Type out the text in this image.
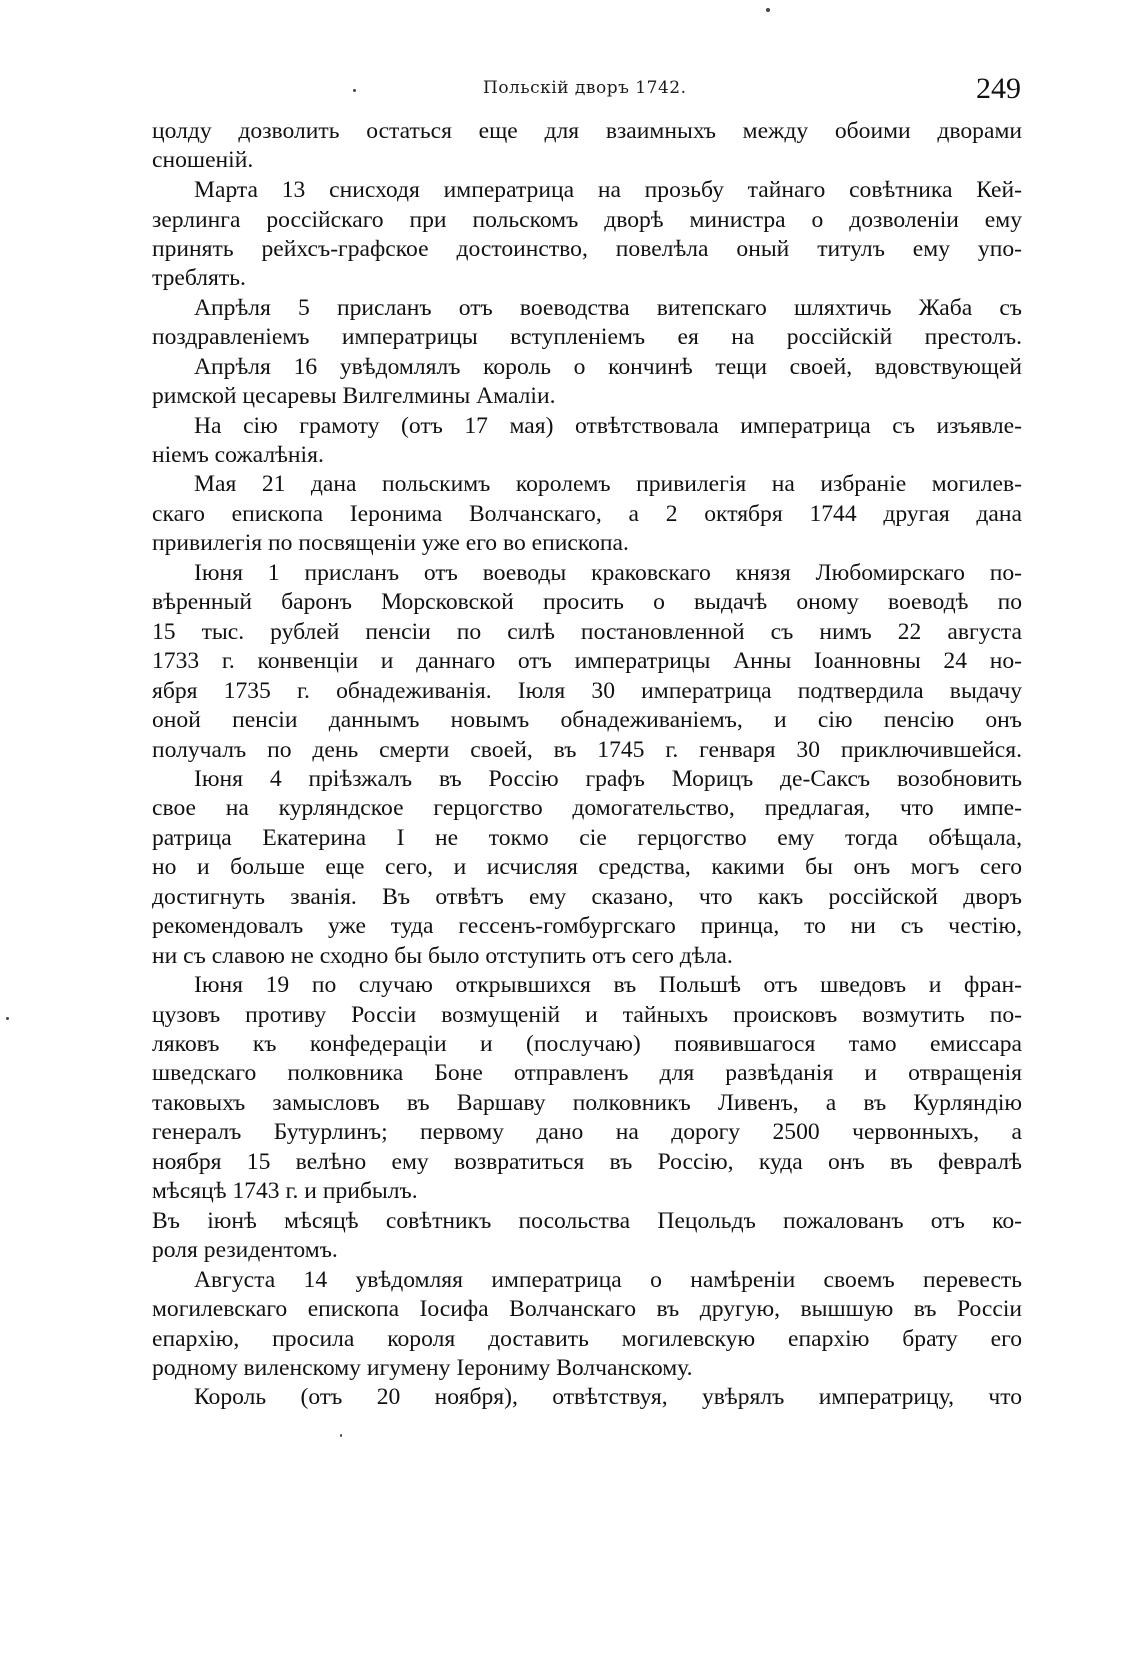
Польскій дворъ 1742.	249
цолду дозволить остаться еще для взаимныхъ между обоими дворами
сношеній.
Марта 13 снисходя императрица на прозьбу тайнаго совѣтника Кей-
зерлинга россійскаго при польскомъ дворѣ министра о дозволеніи ему
принять рейхсъ-графское достоинство, повелѣла оный титулъ ему упо-
треблять.
Апрѣля 5 присланъ отъ воеводства витепскаго шляхтичь Жаба съ
поздравленіемъ императрицы вступленіемъ ея на россійскій престолъ.
Апрѣля 16 увѣдомлялъ король о кончинѣ тещи своей, вдовствующей
римской цесаревы Вилгелмины Амаліи.
На сію грамоту (отъ 17 мая) отвѣтствовала императрица съ изъявле-
ніемъ сожалѣнія.
Мая 21 дана польскимъ королемъ привилегія на избраніе могилев-
скаго епископа Іеронима Волчанскаго, а 2 октября 1744 другая дана
привилегія по посвященіи уже его во епископа.
Іюня 1 присланъ отъ воеводы краковскаго князя Любомирскаго по-
вѣренный баронъ Морсковской просить о выдачѣ оному воеводѣ по
15 тыс. рублей пенсіи по силѣ постановленной съ нимъ 22 августа
1733 г. конвенціи и даннаго отъ императрицы Анны Іоанновны 24 но-
ября 1735 г. обнадеживанія. Іюля 30 императрица подтвердила выдачу
оной пенсіи даннымъ новымъ обнадеживаніемъ, и сію пенсію онъ
получалъ по день смерти своей, въ 1745 г. генваря 30 приключившейся.
Іюня 4 пріѣзжалъ въ Россію графъ Морицъ де-Саксъ возобновить
свое на курляндское герцогство домогательство, предлагая, что импе-
ратрица Екатерина I не токмо сіе герцогство ему тогда обѣщала,
но и больше еще сего, и исчисляя средства, какими бы онъ могъ сего
достигнуть званія. Въ отвѣтъ ему сказано, что какъ россійской дворъ
рекомендовалъ уже туда гессенъ-гомбургскаго принца, то ни съ честію,
ни съ славою не сходно бы было отступить отъ сего дѣла.
Іюня 19 по случаю открывшихся въ Польшѣ отъ шведовъ и фран-
цузовъ противу Россіи возмущеній и тайныхъ происковъ возмутить по-
ляковъ къ конфедераціи и (послучаю) появившагося тамо емиссара
шведскаго полковника Боне отправленъ для развѣданія и отвращенія
таковыхъ замысловъ въ Варшаву полковникъ Ливенъ, а въ Курляндію
генералъ Бутурлинъ; первому дано на дорогу 2500 червонныхъ, а
ноября 15 велѣно ему возвратиться въ Россію, куда онъ въ февралѣ
мѣсяцѣ 1743 г. и прибылъ.
Въ іюнѣ мѣсяцѣ совѣтникъ посольства Пецольдъ пожалованъ отъ ко-
роля резидентомъ.
Августа 14 увѣдомляя императрица о намѣреніи своемъ перевесть
могилевскаго епископа Іосифа Волчанскаго въ другую, вышшую въ Россіи
епархію, просила короля доставить могилевскую епархію брату его
родному виленскому игумену Іерониму Волчанскому.
Король (отъ 20 ноября), отвѣтствуя, увѣрялъ императрицу, что
